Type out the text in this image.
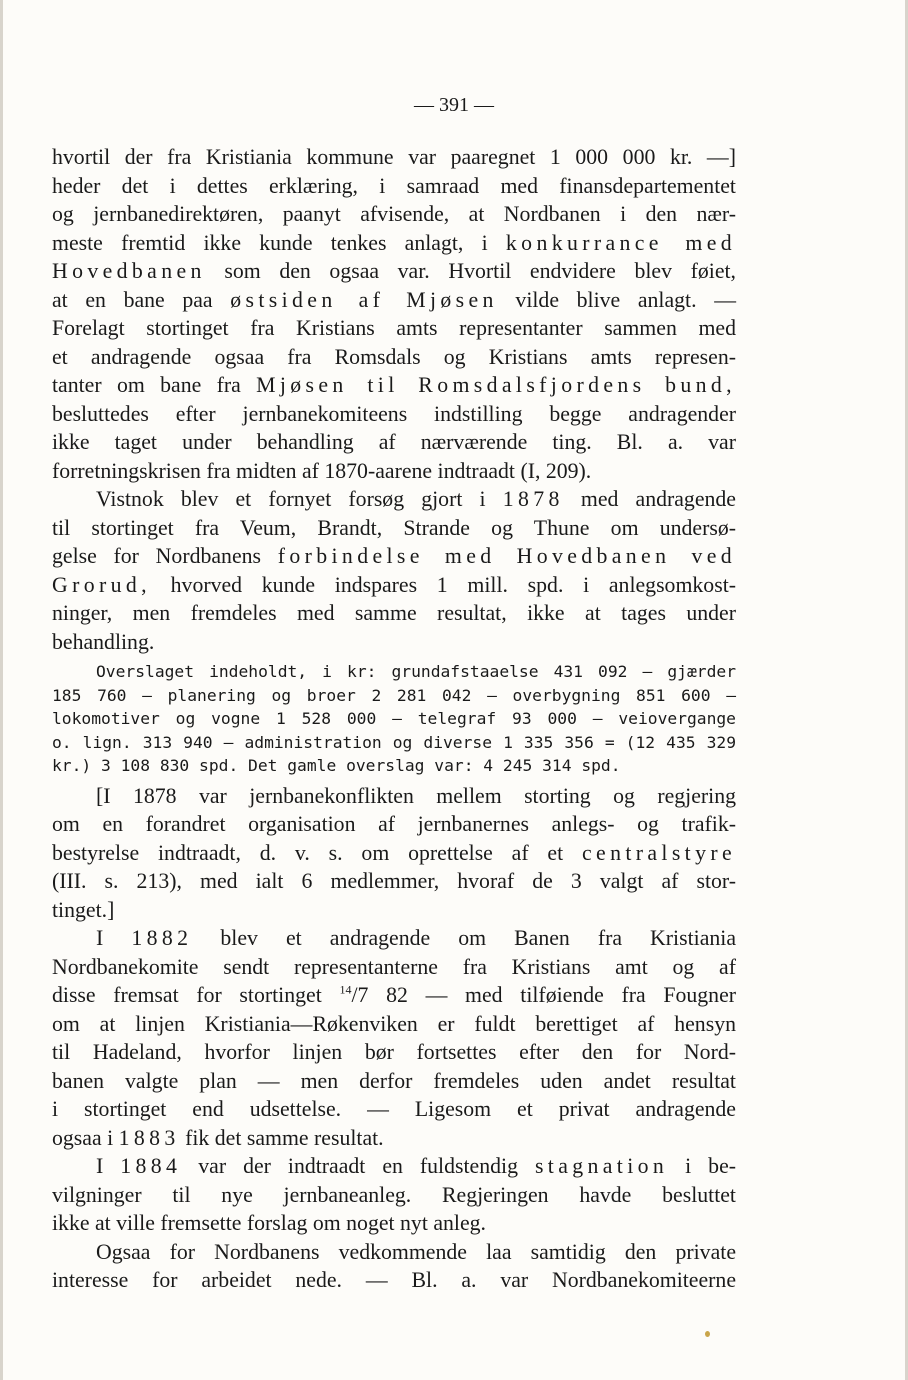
— 391 —
hvortil der fra Kristiania kommune var paaregnet 1 000 000 kr. —]
heder det i dettes erklæring, i samraad med finansdepartementet
og jernbanedirektøren, paanyt afvisende, at Nordbanen i den nær-
meste fremtid ikke kunde tenkes anlagt, i konkurrance med
Hovedbanen som den ogsaa var. Hvortil endvidere blev føiet,
at en bane paa østsiden af Mjøsen vilde blive anlagt. —
Forelagt stortinget fra Kristians amts representanter sammen med
et andragende ogsaa fra Romsdals og Kristians amts represen-
tanter om bane fra Mjøsen til Romsdalsfjordens bund,
besluttedes efter jernbanekomiteens indstilling begge andragender
ikke taget under behandling af nærværende ting. Bl. a. var
forretningskrisen fra midten af 1870-aarene indtraadt (I, 209).
Vistnok blev et fornyet forsøg gjort i 1878 med andragende
til stortinget fra Veum, Brandt, Strande og Thune om undersø-
gelse for Nordbanens forbindelse med Hovedbanen ved
Grorud, hvorved kunde indspares 1 mill. spd. i anlegsomkost-
ninger, men fremdeles med samme resultat, ikke at tages under
behandling.
Overslaget indeholdt, i kr: grundafstaaelse 431 092 — gjærder
185 760 — planering og broer 2 281 042 — overbygning 851 600 —
lokomotiver og vogne 1 528 000 — telegraf 93 000 — veiovergange
o. lign. 313 940 — administration og diverse 1 335 356 = (12 435 329
kr.) 3 108 830 spd. Det gamle overslag var: 4 245 314 spd.
[I 1878 var jernbanekonflikten mellem storting og regjering
om en forandret organisation af jernbanernes anlegs- og trafik-
bestyrelse indtraadt, d. v. s. om oprettelse af et centralstyre
(III. s. 213), med ialt 6 medlemmer, hvoraf de 3 valgt af stor-
tinget.]
I 1882 blev et andragende om Banen fra Kristiania
Nordbanekomite sendt representanterne fra Kristians amt og af
disse fremsat for stortinget $^{14}$/7 82 — med tilføiende fra Fougner
om at linjen Kristiania—Røkenviken er fuldt berettiget af hensyn
til Hadeland, hvorfor linjen bør fortsettes efter den for Nord-
banen valgte plan — men derfor fremdeles uden andet resultat
i stortinget end udsettelse. — Ligesom et privat andragende
ogsaa i 1883 fik det samme resultat.
I 1884 var der indtraadt en fuldstendig stagnation i be-
vilgninger til nye jernbaneanleg. Regjeringen havde besluttet
ikke at ville fremsette forslag om noget nyt anleg.
Ogsaa for Nordbanens vedkommende laa samtidig den private
interesse for arbeidet nede. — Bl. a. var Nordbanekomiteerne
